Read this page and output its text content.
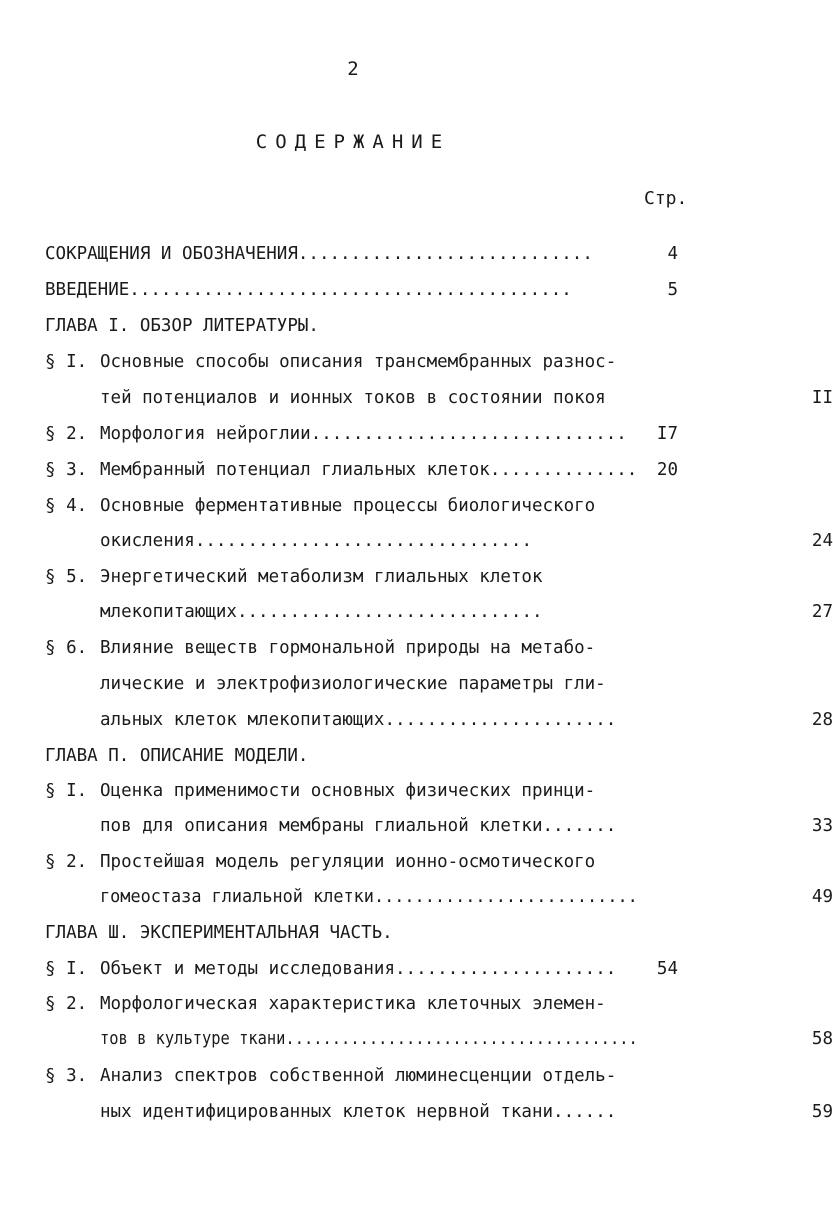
2
СОДЕРЖАНИЕ
Стр.
СОКРАЩЕНИЯ И ОБОЗНАЧЕНИЯ............................	4
ВВЕДЕНИЕ..........................................	5
ГЛАВА I. ОБЗОР ЛИТЕРАТУРЫ.
§ I. Основные способы описания трансмембранных разнос-
тей потенциалов и ионных токов в состоянии покоя	II
§ 2. Морфология нейроглии..............................	I7
§ 3. Мембранный потенциал глиальных клеток..............	20
§ 4. Основные ферментативные процессы биологического
окисления................................	24
§ 5. Энергетический метаболизм глиальных клеток
млекопитающих.............................	27
§ 6. Влияние веществ гормональной природы на метабо-
лические и электрофизиологические параметры гли-
альных клеток млекопитающих......................	28
ГЛАВА П. ОПИСАНИЕ МОДЕЛИ.
§ I. Оценка применимости основных физических принци-
пов для описания мембраны глиальной клетки.......	33
§ 2. Простейшая модель регуляции ионно-осмотического
гомеостаза глиальной клетки..........................	49
ГЛАВА Ш. ЭКСПЕРИМЕНТАЛЬНАЯ ЧАСТЬ.
§ I. Объект и методы исследования.....................	54
§ 2. Морфологическая характеристика клеточных элемен-
тов в культуре ткани......................................	58
§ 3. Анализ спектров собственной люминесценции отдель-
ных идентифицированных клеток нервной ткани......	59
